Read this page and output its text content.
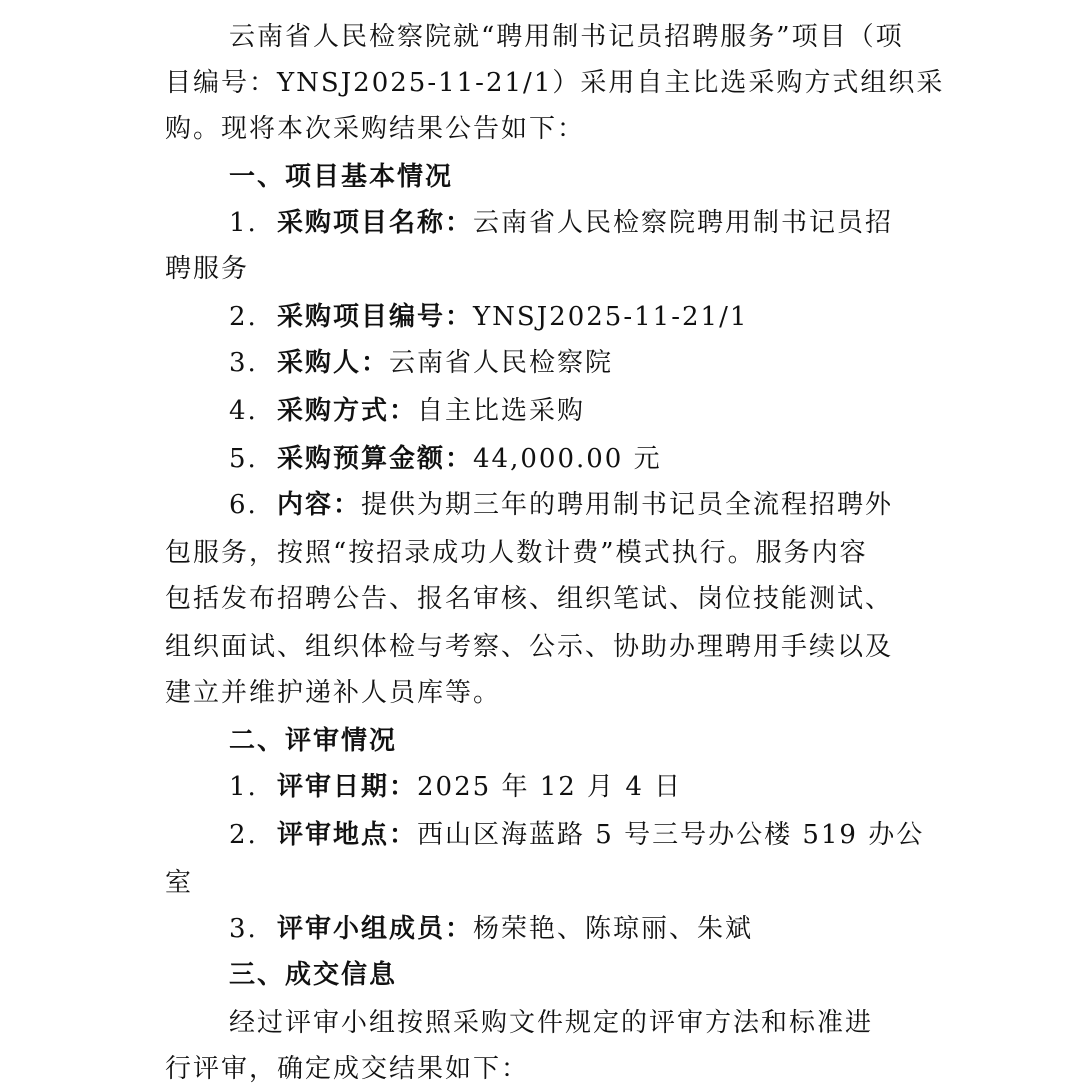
云南省人民检察院就“聘用制书记员招聘服务”项目（项
目编号：YNSJ2025-11-21/1）采用自主比选采购方式组织采
购。现将本次采购结果公告如下：
一、项目基本情况
1. 采购项目名称：云南省人民检察院聘用制书记员招
聘服务
2. 采购项目编号：YNSJ2025-11-21/1
3. 采购人：云南省人民检察院
4. 采购方式：自主比选采购
5. 采购预算金额：44,000.00 元
6. 内容：提供为期三年的聘用制书记员全流程招聘外
包服务，按照“按招录成功人数计费”模式执行。服务内容
包括发布招聘公告、报名审核、组织笔试、岗位技能测试、
组织面试、组织体检与考察、公示、协助办理聘用手续以及
建立并维护递补人员库等。
二、评审情况
1. 评审日期：2025 年 12 月 4 日
2. 评审地点：西山区海蓝路 5 号三号办公楼 519 办公
室
3. 评审小组成员：杨荣艳、陈琼丽、朱斌
三、成交信息
经过评审小组按照采购文件规定的评审方法和标准进
行评审，确定成交结果如下：
